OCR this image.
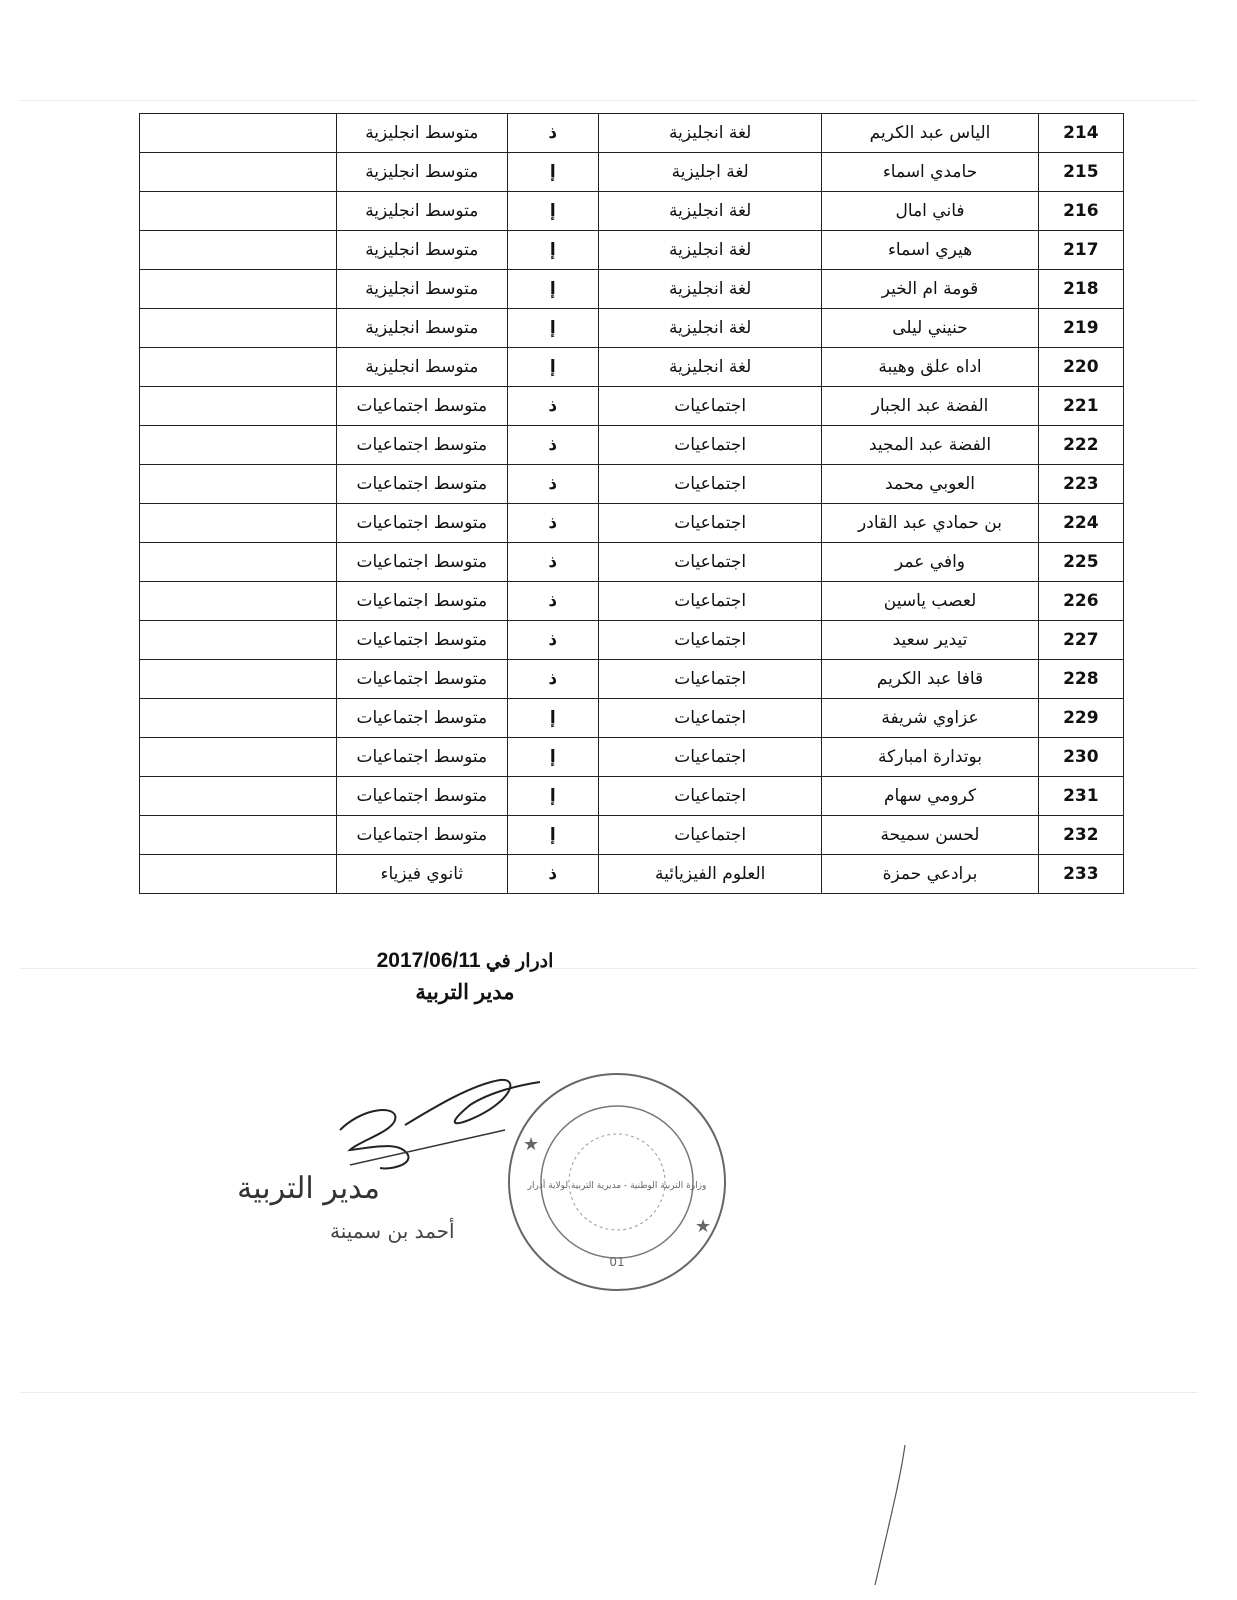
	متوسط انجليزية	ذ	لغة انجليزية	الياس عبد الكريم	214
	متوسط انجليزية	إ	لغة اجليزية	حامدي اسماء	215
	متوسط انجليزية	إ	لغة انجليزية	فاني امال	216
	متوسط انجليزية	إ	لغة انجليزية	هيري اسماء	217
	متوسط انجليزية	إ	لغة انجليزية	قومة ام الخير	218
	متوسط انجليزية	إ	لغة انجليزية	حنيني ليلى	219
	متوسط انجليزية	إ	لغة انجليزية	اداه علق وهيبة	220
	متوسط اجتماعيات	ذ	اجتماعيات	الفضة عبد الجبار	221
	متوسط اجتماعيات	ذ	اجتماعيات	الفضة عبد المجيد	222
	متوسط اجتماعيات	ذ	اجتماعيات	العوبي محمد	223
	متوسط اجتماعيات	ذ	اجتماعيات	بن حمادي عبد القادر	224
	متوسط اجتماعيات	ذ	اجتماعيات	وافي عمر	225
	متوسط اجتماعيات	ذ	اجتماعيات	لعصب ياسين	226
	متوسط اجتماعيات	ذ	اجتماعيات	تيدير سعيد	227
	متوسط اجتماعيات	ذ	اجتماعيات	قافا عبد الكريم	228
	متوسط اجتماعيات	إ	اجتماعيات	عزاوي شريفة	229
	متوسط اجتماعيات	إ	اجتماعيات	بوتدارة امباركة	230
	متوسط اجتماعيات	إ	اجتماعيات	كرومي سهام	231
	متوسط اجتماعيات	إ	اجتماعيات	لحسن سميحة	232
	ثانوي فيزياء	ذ	العلوم الفيزيائية	برادعي حمزة	233
ادرار في 2017/06/11
مدير التربية
مدير التربية
أحمد بن سمينة
★
★
وزارة التربية الوطنية - مديرية التربية لولاية أدرار
01
